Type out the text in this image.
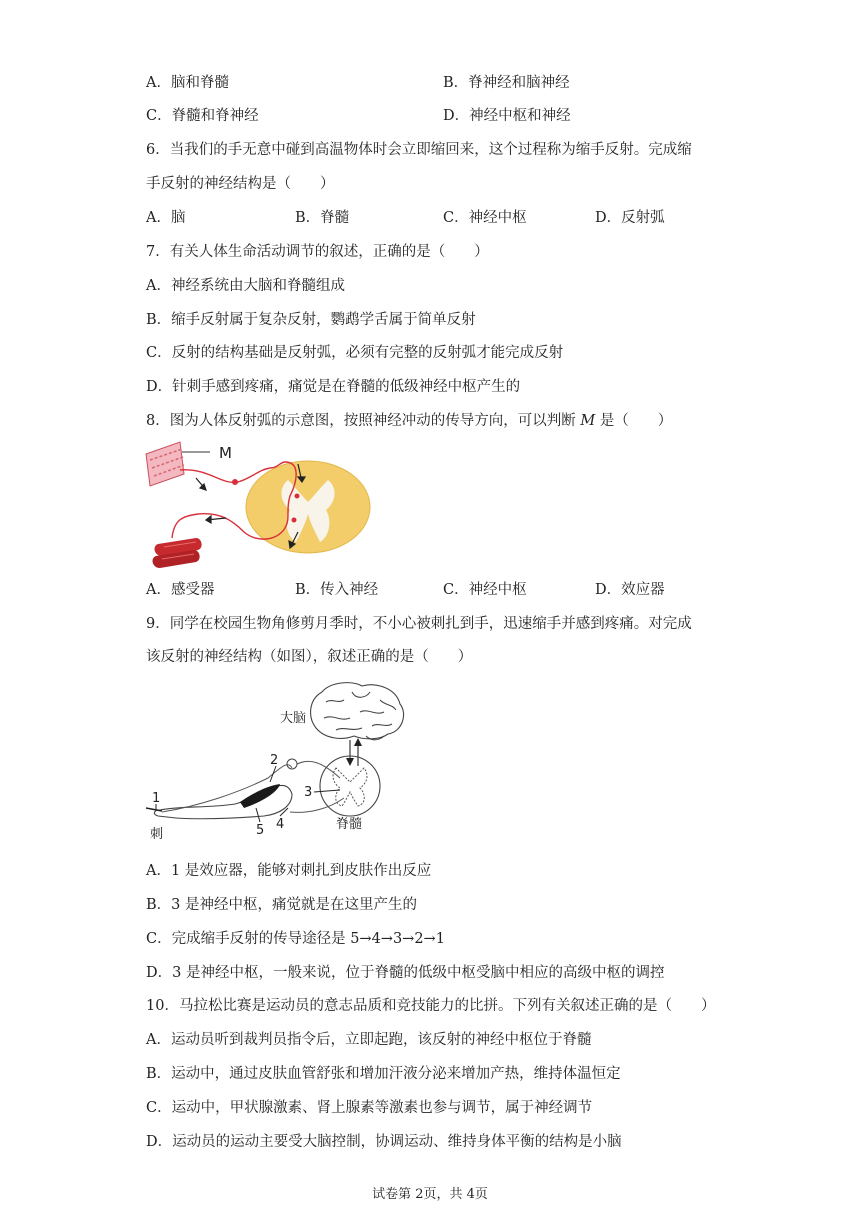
A．脑和脊髓	B．脊神经和脑神经
C．脊髓和脊神经	D．神经中枢和神经
6．当我们的手无意中碰到高温物体时会立即缩回来，这个过程称为缩手反射。完成缩
手反射的神经结构是（　　）
A．脑	B．脊髓	C．神经中枢	D．反射弧
7．有关人体生命活动调节的叙述，正确的是（　　）
A．神经系统由大脑和脊髓组成
B．缩手反射属于复杂反射，鹦鹉学舌属于简单反射
C．反射的结构基础是反射弧，必须有完整的反射弧才能完成反射
D．针刺手感到疼痛，痛觉是在脊髓的低级神经中枢产生的
8．图为人体反射弧的示意图，按照神经冲动的传导方向，可以判断 M 是（　　）
M
A．感受器	B．传入神经	C．神经中枢	D．效应器
9．同学在校园生物角修剪月季时，不小心被刺扎到手，迅速缩手并感到疼痛。对完成
该反射的神经结构（如图），叙述正确的是（　　）
大脑
脊髓
刺
1
2
3
4
5
A．1 是效应器，能够对刺扎到皮肤作出反应
B．3 是神经中枢，痛觉就是在这里产生的
C．完成缩手反射的传导途径是 5→4→3→2→1
D．3 是神经中枢，一般来说，位于脊髓的低级中枢受脑中相应的高级中枢的调控
10．马拉松比赛是运动员的意志品质和竞技能力的比拼。下列有关叙述正确的是（　　）
A．运动员听到裁判员指令后，立即起跑，该反射的神经中枢位于脊髓
B．运动中，通过皮肤血管舒张和增加汗液分泌来增加产热，维持体温恒定
C．运动中，甲状腺激素、肾上腺素等激素也参与调节，属于神经调节
D．运动员的运动主要受大脑控制，协调运动、维持身体平衡的结构是小脑
试卷第 2页，共 4页
